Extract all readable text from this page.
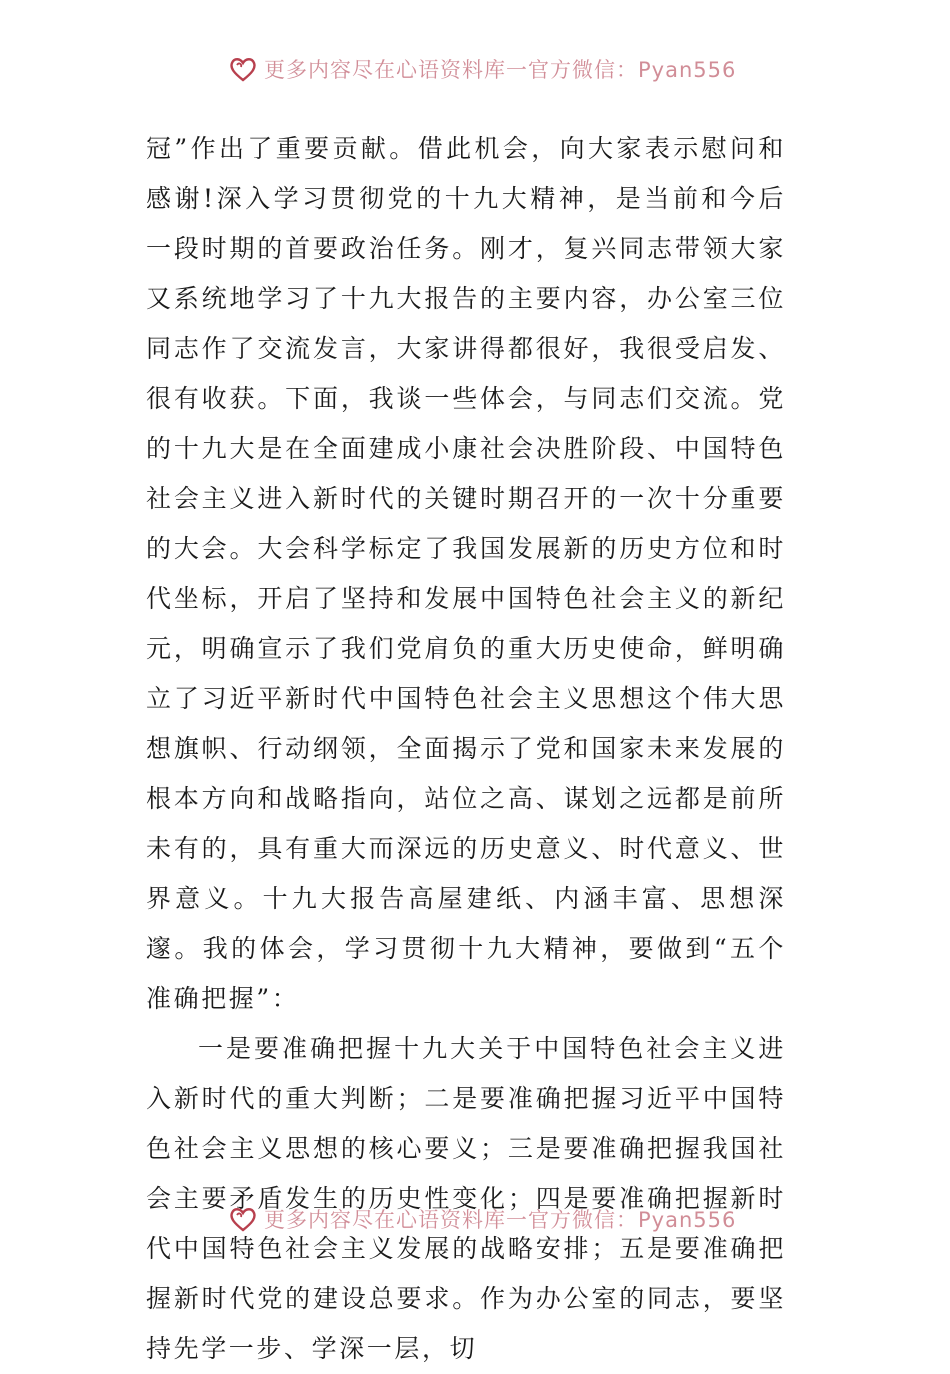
更多内容尽在心语资料库一官方微信：Pyan556

冠”作出了重要贡献。借此机会，向大家表示慰问和感谢!深入学习贯彻党的十九大精神，是当前和今后一段时期的首要政治任务。刚才，复兴同志带领大家又系统地学习了十九大报告的主要内容，办公室三位同志作了交流发言，大家讲得都很好，我很受启发、很有收获。下面，我谈一些体会，与同志们交流。党的十九大是在全面建成小康社会决胜阶段、中国特色社会主义进入新时代的关键时期召开的一次十分重要的大会。大会科学标定了我国发展新的历史方位和时代坐标，开启了坚持和发展中国特色社会主义的新纪元，明确宣示了我们党肩负的重大历史使命，鲜明确立了习近平新时代中国特色社会主义思想这个伟大思想旗帜、行动纲领，全面揭示了党和国家未来发展的根本方向和战略指向，站位之高、谋划之远都是前所未有的，具有重大而深远的历史意义、时代意义、世界意义。十九大报告高屋建纸、内涵丰富、思想深邃。我的体会，学习贯彻十九大精神，要做到“五个准确把握”：

一是要准确把握十九大关于中国特色社会主义进入新时代的重大判断；二是要准确把握习近平中国特色社会主义思想的核心要义；三是要准确把握我国社会主要矛盾发生的历史性变化；四是要准确把握新时代中国特色社会主义发展的战略安排；五是要准确把握新时代党的建设总要求。作为办公室的同志，要坚持先学一步、学深一层，切

更多内容尽在心语资料库一官方微信：Pyan556
